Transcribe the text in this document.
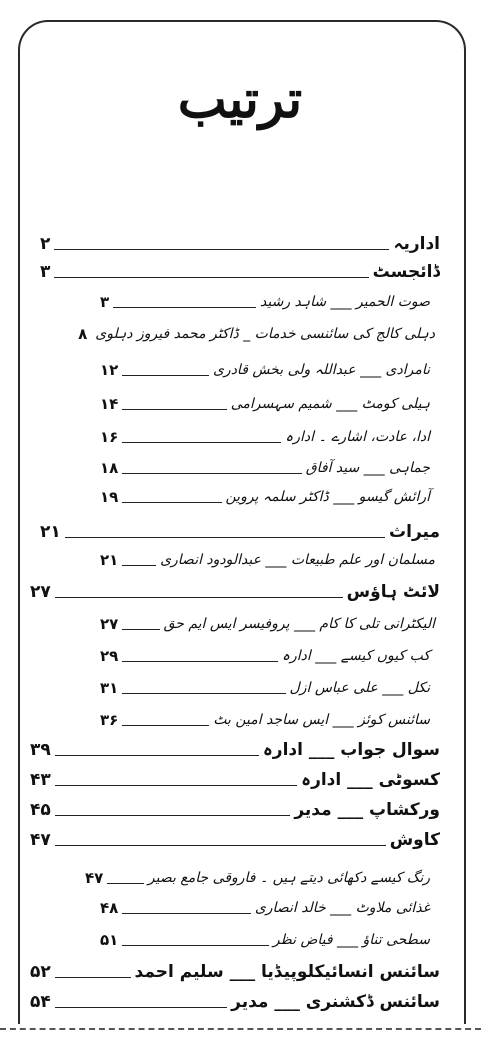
ترتیب
اداریہ
۲
ڈائجسٹ
۳
صوت الحمیر ___ شاہد رشید
۳
دہلی کالج کی سائنسی خدمات _ ڈاکٹر محمد فیروز دہلوی
۸
نامرادی ___ عبداللہ ولی بخش قادری
۱۲
ہیلی کومٹ ___ شمیم سہسرامی
۱۴
ادا، عادت، اشارے ۔ ادارہ
۱۶
جماہی ___ سید آفاق
۱۸
آرائش گیسو ___ ڈاکٹر سلمہ پروین
۱۹
میراث
۲۱
مسلمان اور علم طبیعات ___ عبدالودود انصاری
۲۱
لائٹ ہاؤس
۲۷
الیکٹرانی تلی کا کام ___ پروفیسر ایس ایم حق
۲۷
کب کیوں کیسے ___ ادارہ
۲۹
نکل ___ علی عباس ازل
۳۱
سائنس کوئز ___ ایس ساجد امین بٹ
۳۶
سوال جواب ___ ادارہ
۳۹
کسوٹی ___ ادارہ
۴۳
ورکشاپ ___ مدیر
۴۵
کاوش
۴۷
رنگ کیسے دکھائی دیتے ہیں ۔ فاروقی جامع بصیر
۴۷
غذائی ملاوٹ ___ خالد انصاری
۴۸
سطحی تناؤ ___ فیاض نظر
۵۱
سائنس انسائیکلوپیڈیا ___ سلیم احمد
۵۲
سائنس ڈکشنری ___ مدیر
۵۴
